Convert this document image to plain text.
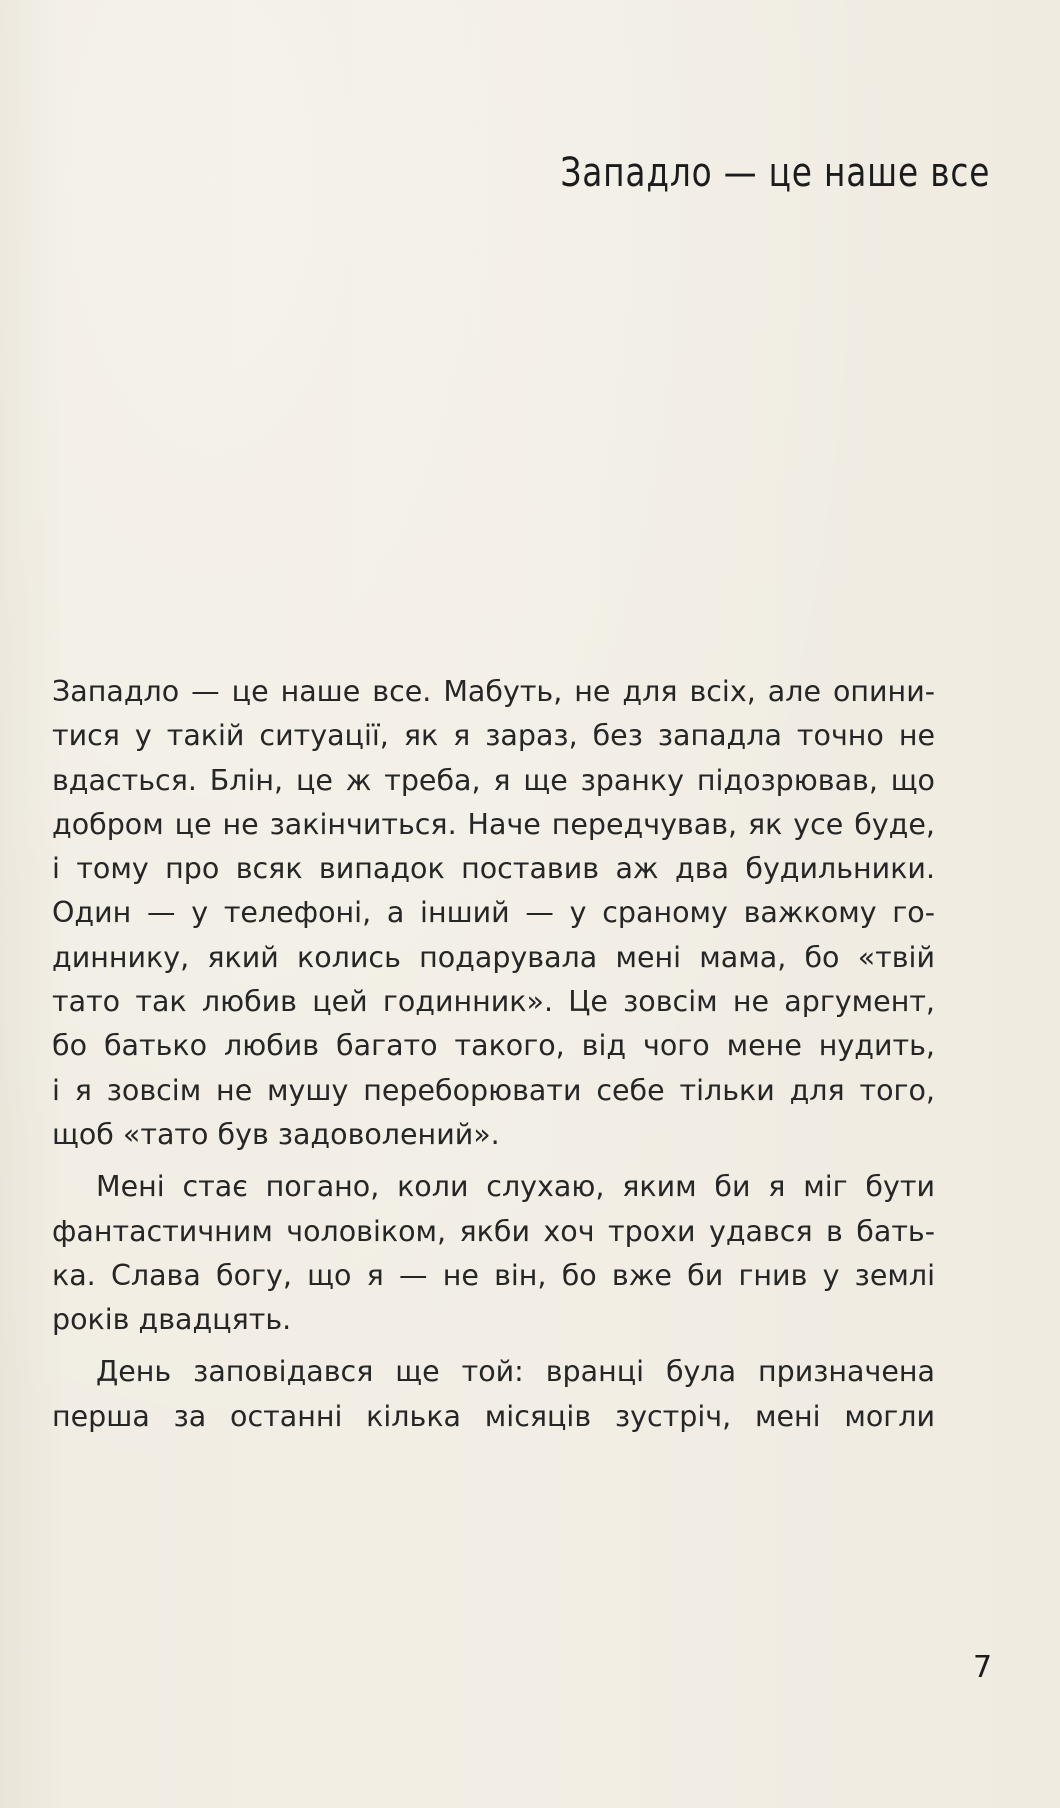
Западло — це наше все

Западло — це наше все. Мабуть, не для всіх, але опини-
тися у такій ситуації, як я зараз, без западла точно не
вдасться. Блін, це ж треба, я ще зранку підозрював, що
добром це не закінчиться. Наче передчував, як усе буде,
і тому про всяк випадок поставив аж два будильники.
Один — у телефоні, а інший — у сраному важкому го-
диннику, який колись подарувала мені мама, бо «твій
тато так любив цей годинник». Це зовсім не аргумент,
бо батько любив багато такого, від чого мене нудить,
і я зовсім не мушу переборювати себе тільки для того,
щоб «тато був задоволений».

Мені стає погано, коли слухаю, яким би я міг бути
фантастичним чоловіком, якби хоч трохи удався в бать-
ка. Слава богу, що я — не він, бо вже би гнив у землі
років двадцять.

День заповідався ще той: вранці була призначена
перша за останні кілька місяців зустріч, мені могли

7
